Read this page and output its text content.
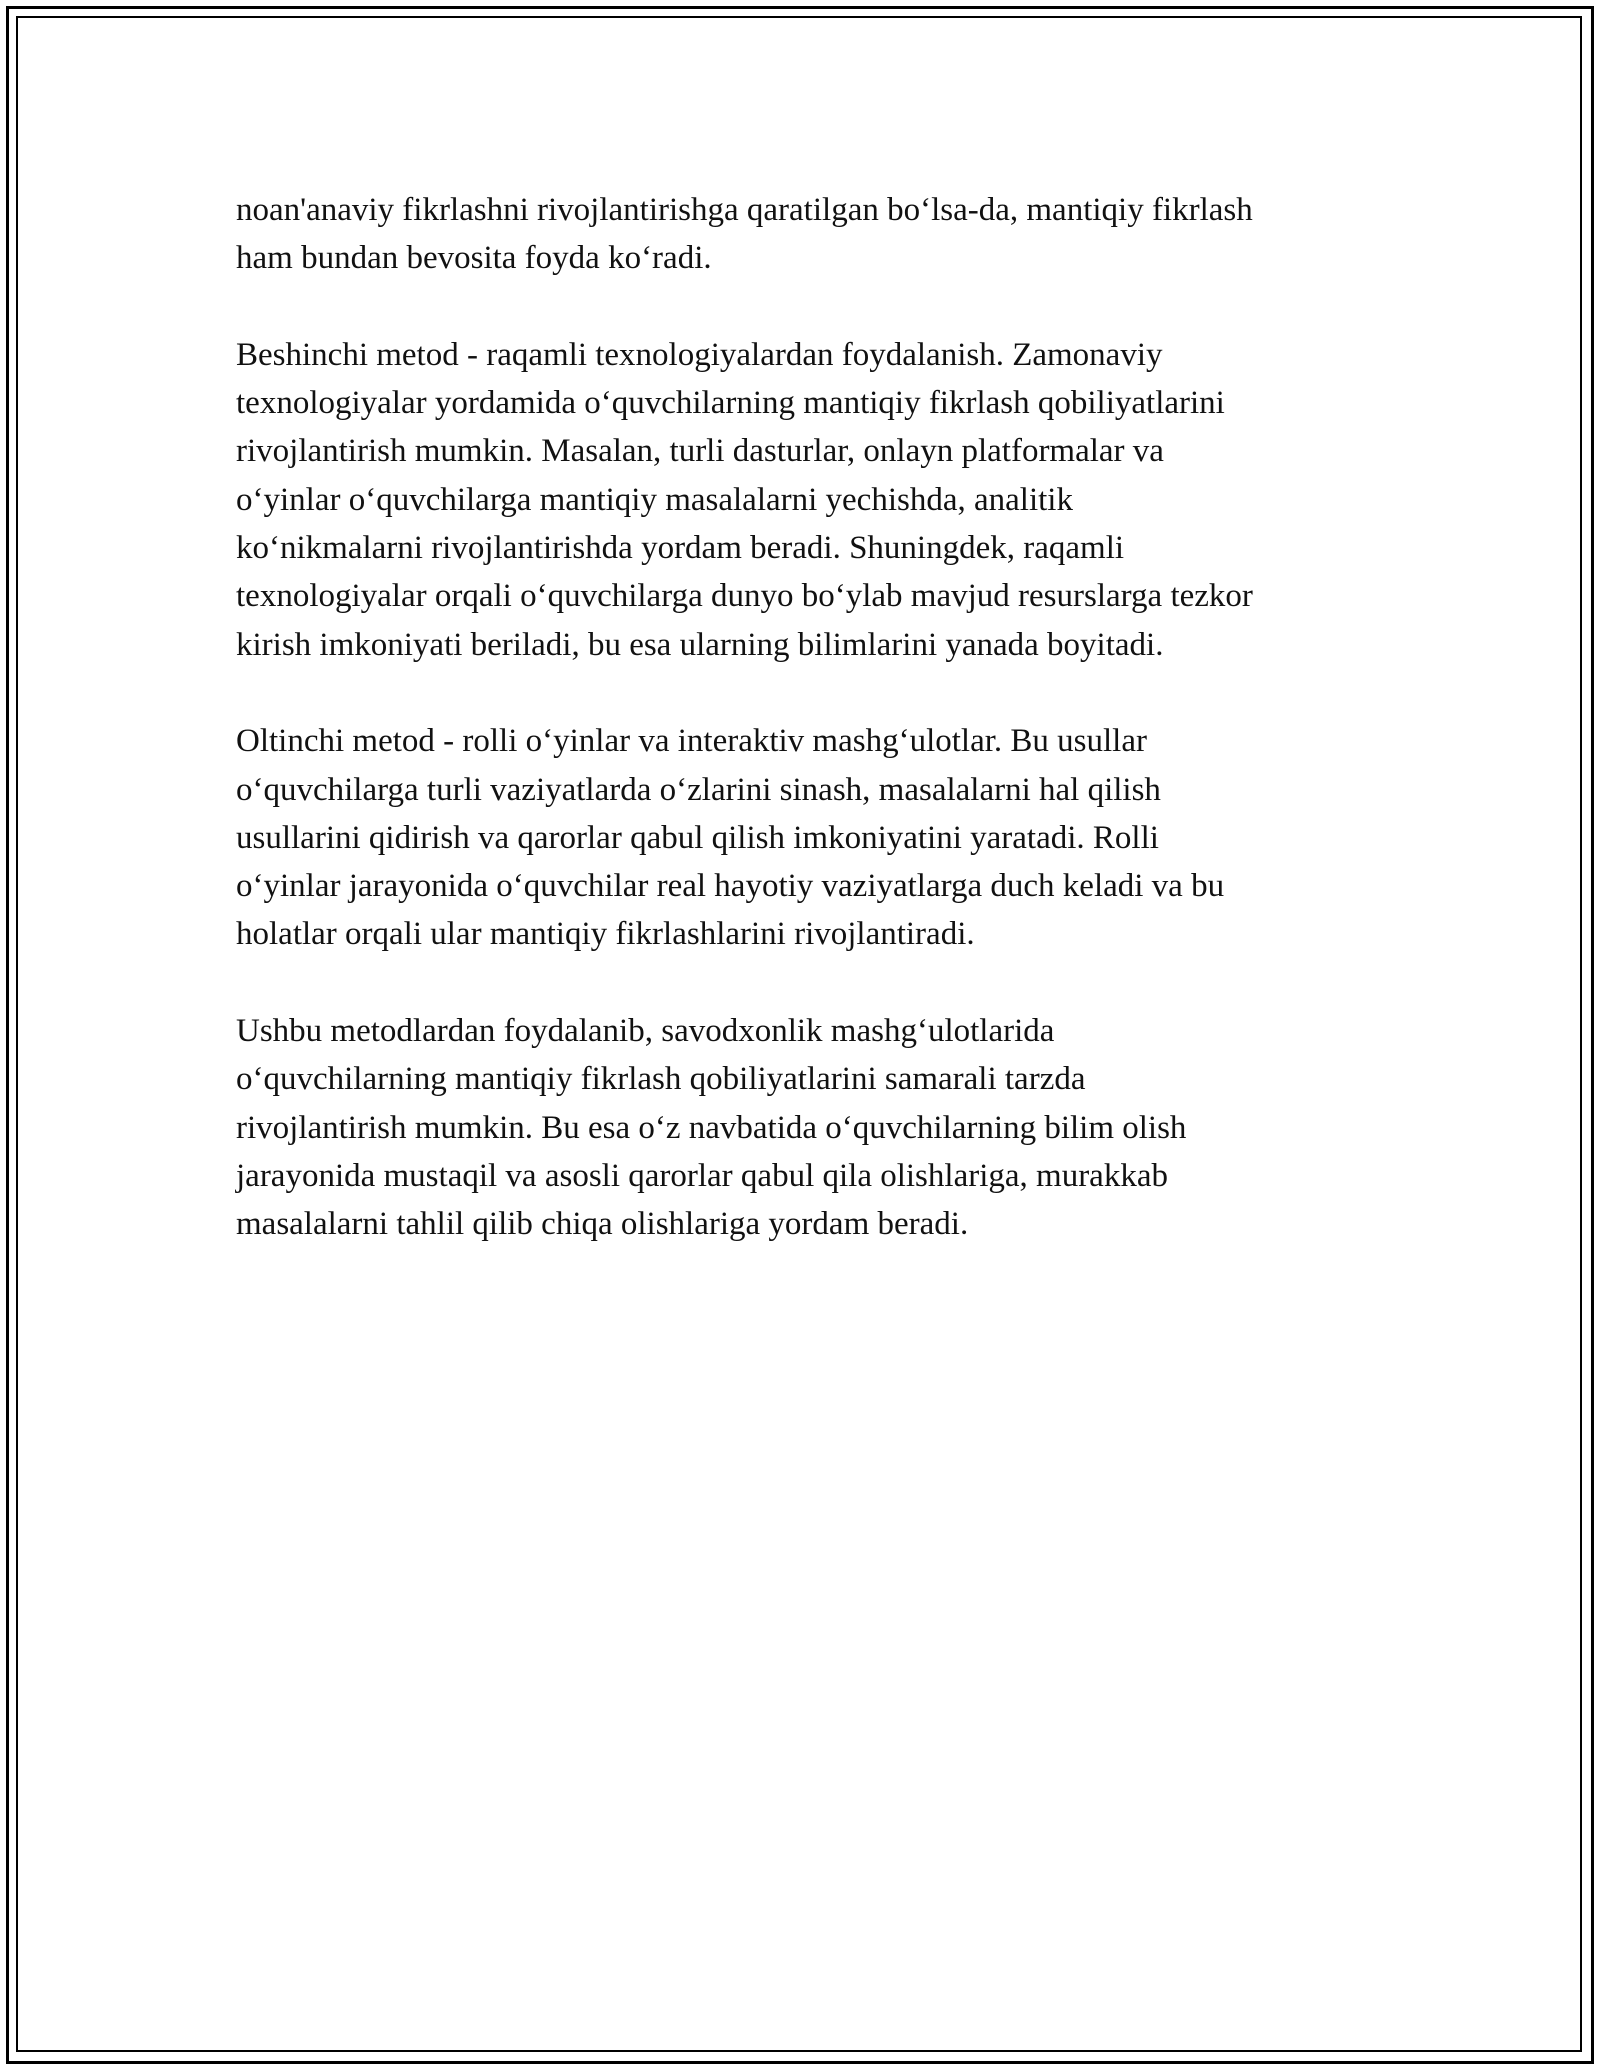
noan'anaviy fikrlashni rivojlantirishga qaratilgan bo‘lsa-da, mantiqiy fikrlash
ham bundan bevosita foyda ko‘radi.

Beshinchi metod - raqamli texnologiyalardan foydalanish. Zamonaviy
texnologiyalar yordamida o‘quvchilarning mantiqiy fikrlash qobiliyatlarini
rivojlantirish mumkin. Masalan, turli dasturlar, onlayn platformalar va
o‘yinlar o‘quvchilarga mantiqiy masalalarni yechishda, analitik
ko‘nikmalarni rivojlantirishda yordam beradi. Shuningdek, raqamli
texnologiyalar orqali o‘quvchilarga dunyo bo‘ylab mavjud resurslarga tezkor
kirish imkoniyati beriladi, bu esa ularning bilimlarini yanada boyitadi.

Oltinchi metod - rolli o‘yinlar va interaktiv mashg‘ulotlar. Bu usullar
o‘quvchilarga turli vaziyatlarda o‘zlarini sinash, masalalarni hal qilish
usullarini qidirish va qarorlar qabul qilish imkoniyatini yaratadi. Rolli
o‘yinlar jarayonida o‘quvchilar real hayotiy vaziyatlarga duch keladi va bu
holatlar orqali ular mantiqiy fikrlashlarini rivojlantiradi.

Ushbu metodlardan foydalanib, savodxonlik mashg‘ulotlarida
o‘quvchilarning mantiqiy fikrlash qobiliyatlarini samarali tarzda
rivojlantirish mumkin. Bu esa o‘z navbatida o‘quvchilarning bilim olish
jarayonida mustaqil va asosli qarorlar qabul qila olishlariga, murakkab
masalalarni tahlil qilib chiqa olishlariga yordam beradi.
